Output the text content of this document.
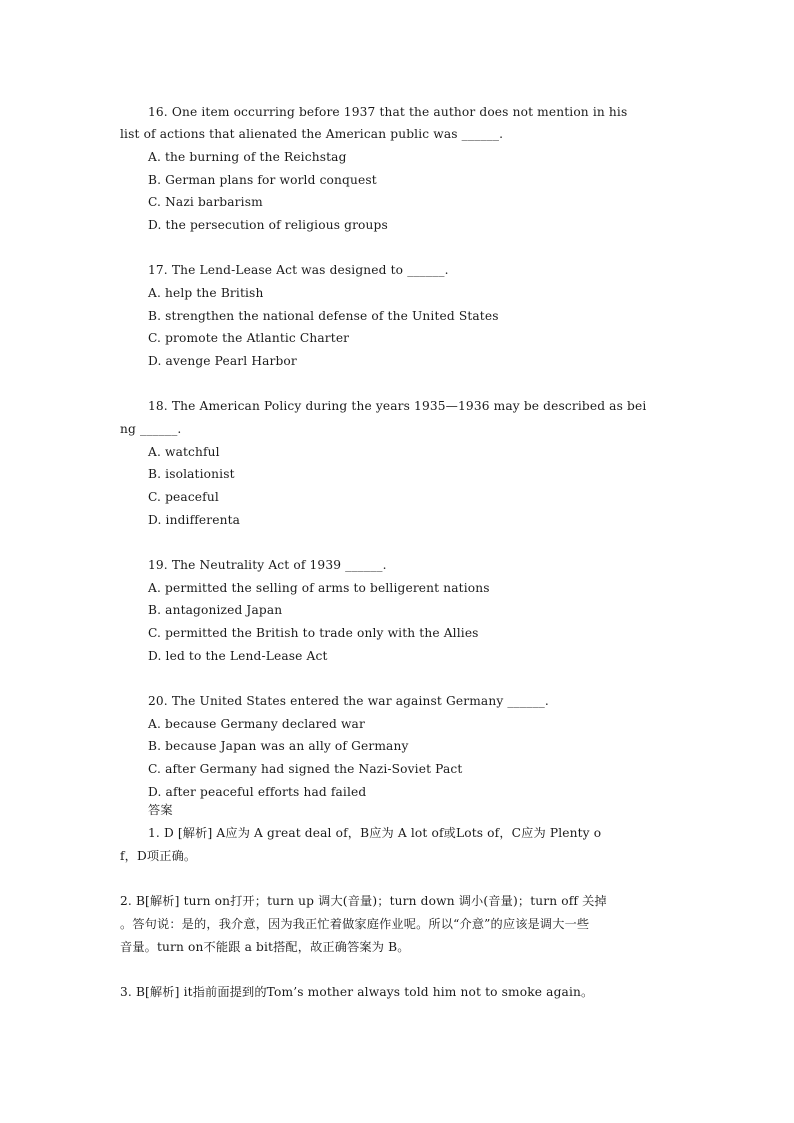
16. One item occurring before 1937 that the author does not mention in his
list of actions that alienated the American public was ______.
A. the burning of the Reichstag
B. German plans for world conquest
C. Nazi barbarism
D. the persecution of religious groups
17. The Lend-Lease Act was designed to ______.
A. help the British
B. strengthen the national defense of the United States
C. promote the Atlantic Charter
D. avenge Pearl Harbor
18. The American Policy during the years 1935—1936 may be described as bei
ng ______.
A. watchful
B. isolationist
C. peaceful
D. indifferenta
19. The Neutrality Act of 1939 ______.
A. permitted the selling of arms to belligerent nations
B. antagonized Japan
C. permitted the British to trade only with the Allies
D. led to the Lend-Lease Act
20. The United States entered the war against Germany ______.
A. because Germany declared war
B. because Japan was an ally of Germany
C. after Germany had signed the Nazi-Soviet Pact
D. after peaceful efforts had failed
答案
1. D [解析] A应为 A great deal of，B应为 A lot of或Lots of，C应为 Plenty o
f，D项正确。
2. B[解析] turn on打开；turn up 调大(音量)；turn down 调小(音量)；turn off 关掉
。答句说：是的，我介意，因为我正忙着做家庭作业呢。所以“介意”的应该是调大一些
音量。turn on不能跟 a bit搭配，故正确答案为 B。
3. B[解析] it指前面提到的Tom’s mother always told him not to smoke again。
